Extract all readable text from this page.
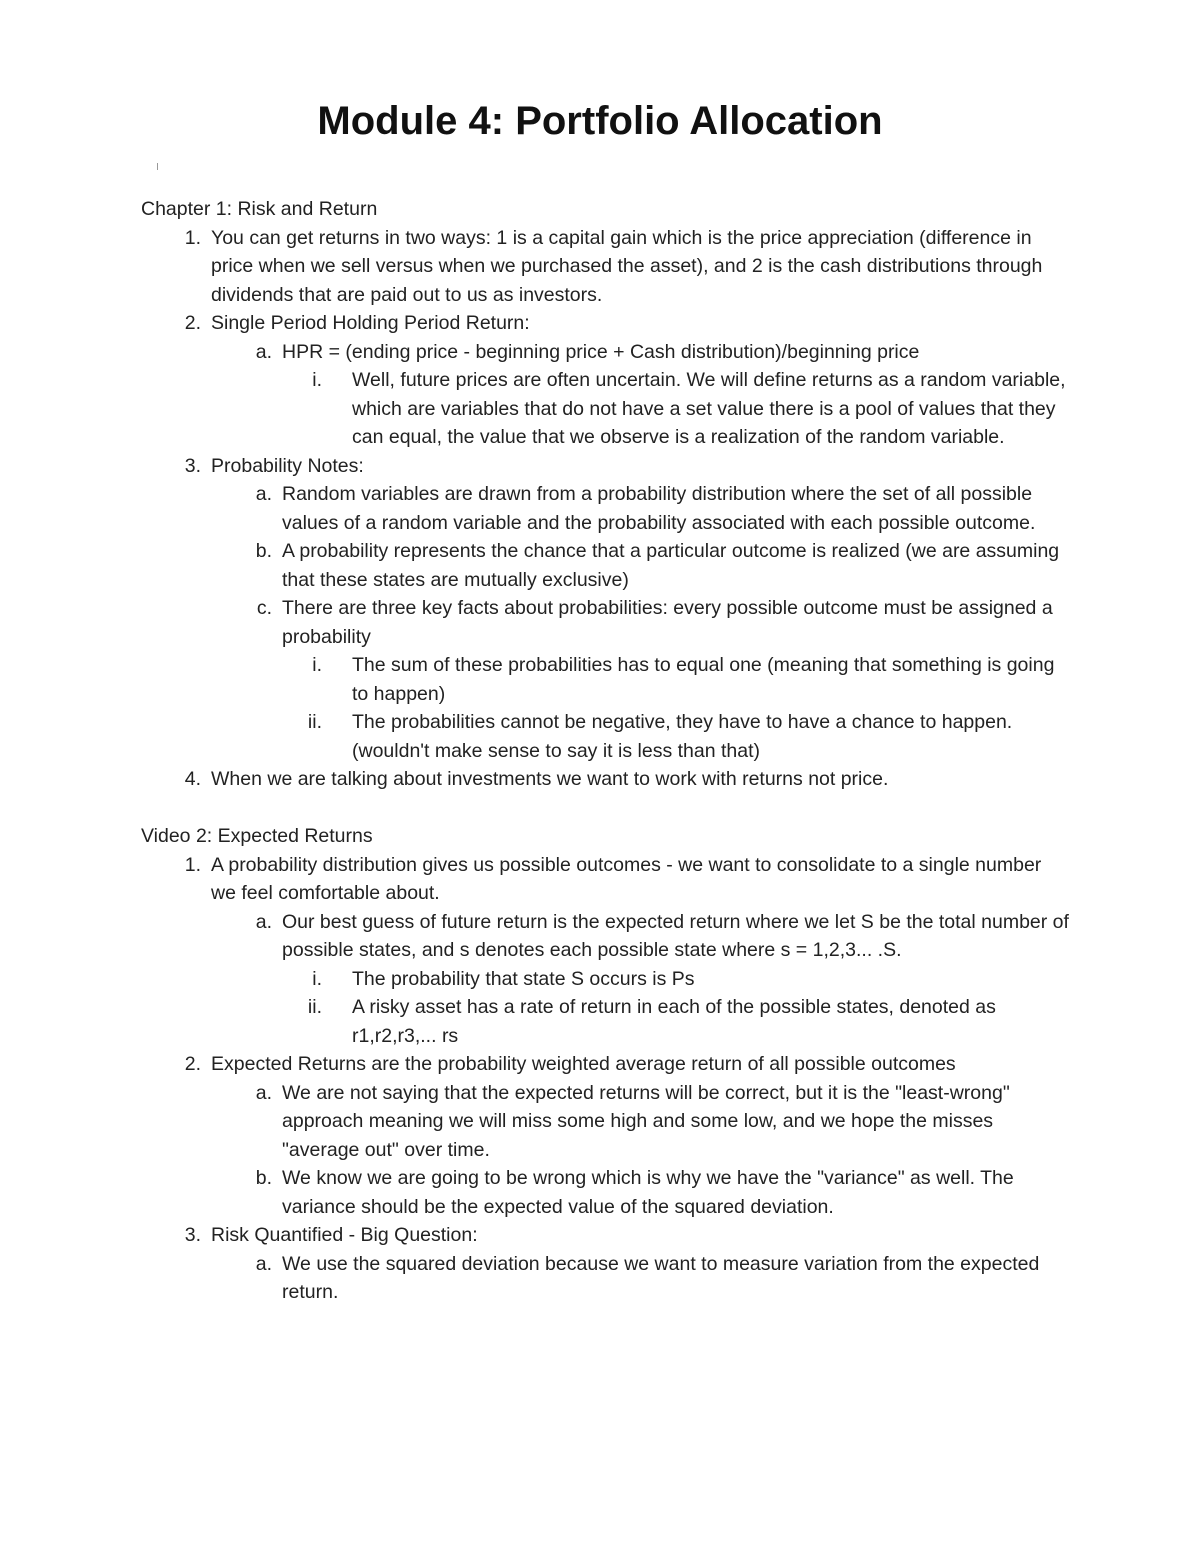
Module 4: Portfolio Allocation
Chapter 1: Risk and Return
1. You can get returns in two ways: 1 is a capital gain which is the price appreciation (difference in price when we sell versus when we purchased the asset), and 2 is the cash distributions through dividends that are paid out to us as investors.
2. Single Period Holding Period Return:
a. HPR = (ending price - beginning price + Cash distribution)/beginning price
i. Well, future prices are often uncertain. We will define returns as a random variable, which are variables that do not have a set value there is a pool of values that they can equal, the value that we observe is a realization of the random variable.
3. Probability Notes:
a. Random variables are drawn from a probability distribution where the set of all possible values of a random variable and the probability associated with each possible outcome.
b. A probability represents the chance that a particular outcome is realized (we are assuming that these states are mutually exclusive)
c. There are three key facts about probabilities: every possible outcome must be assigned a probability
i. The sum of these probabilities has to equal one (meaning that something is going to happen)
ii. The probabilities cannot be negative, they have to have a chance to happen. (wouldn't make sense to say it is less than that)
4. When we are talking about investments we want to work with returns not price.
Video 2: Expected Returns
1. A probability distribution gives us possible outcomes - we want to consolidate to a single number we feel comfortable about.
a. Our best guess of future return is the expected return where we let S be the total number of possible states, and s denotes each possible state where s = 1,2,3... .S.
i. The probability that state S occurs is Ps
ii. A risky asset has a rate of return in each of the possible states, denoted as r1,r2,r3,... rs
2. Expected Returns are the probability weighted average return of all possible outcomes
a. We are not saying that the expected returns will be correct, but it is the "least-wrong" approach meaning we will miss some high and some low, and we hope the misses "average out" over time.
b. We know we are going to be wrong which is why we have the "variance" as well. The variance should be the expected value of the squared deviation.
3. Risk Quantified - Big Question:
a. We use the squared deviation because we want to measure variation from the expected return.
